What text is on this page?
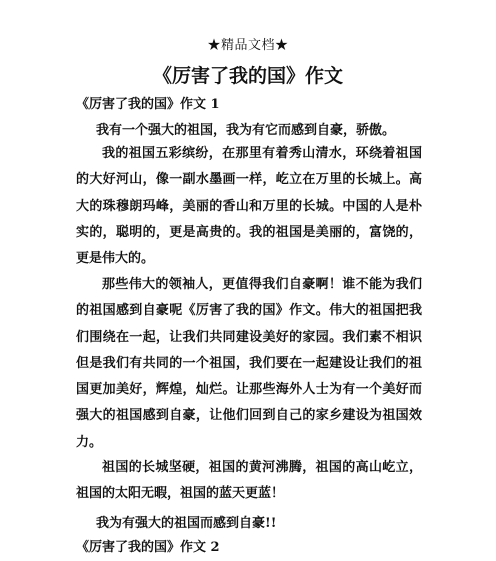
★精品文档★
《厉害了我的国》作文
《厉害了我的国》作文 1
我有一个强大的祖国，我为有它而感到自豪，骄傲。
我的祖国五彩缤纷，在那里有着秀山清水，环绕着祖国的大好河山，像一副水墨画一样，屹立在万里的长城上。高大的珠穆朗玛峰，美丽的香山和万里的长城。中国的人是朴实的，聪明的，更是高贵的。我的祖国是美丽的，富饶的，更是伟大的。
那些伟大的领袖人，更值得我们自豪啊！谁不能为我们的祖国感到自豪呢《厉害了我的国》作文。伟大的祖国把我们围绕在一起，让我们共同建设美好的家园。我们素不相识但是我们有共同的一个祖国，我们要在一起建设让我们的祖国更加美好，辉煌，灿烂。让那些海外人士为有一个美好而强大的祖国感到自豪，让他们回到自己的家乡建设为祖国效力。
祖国的长城坚硬，祖国的黄河沸腾，祖国的高山屹立，祖国的太阳无暇，祖国的蓝天更蓝！
我为有强大的祖国而感到自豪!!
《厉害了我的国》作文 2
